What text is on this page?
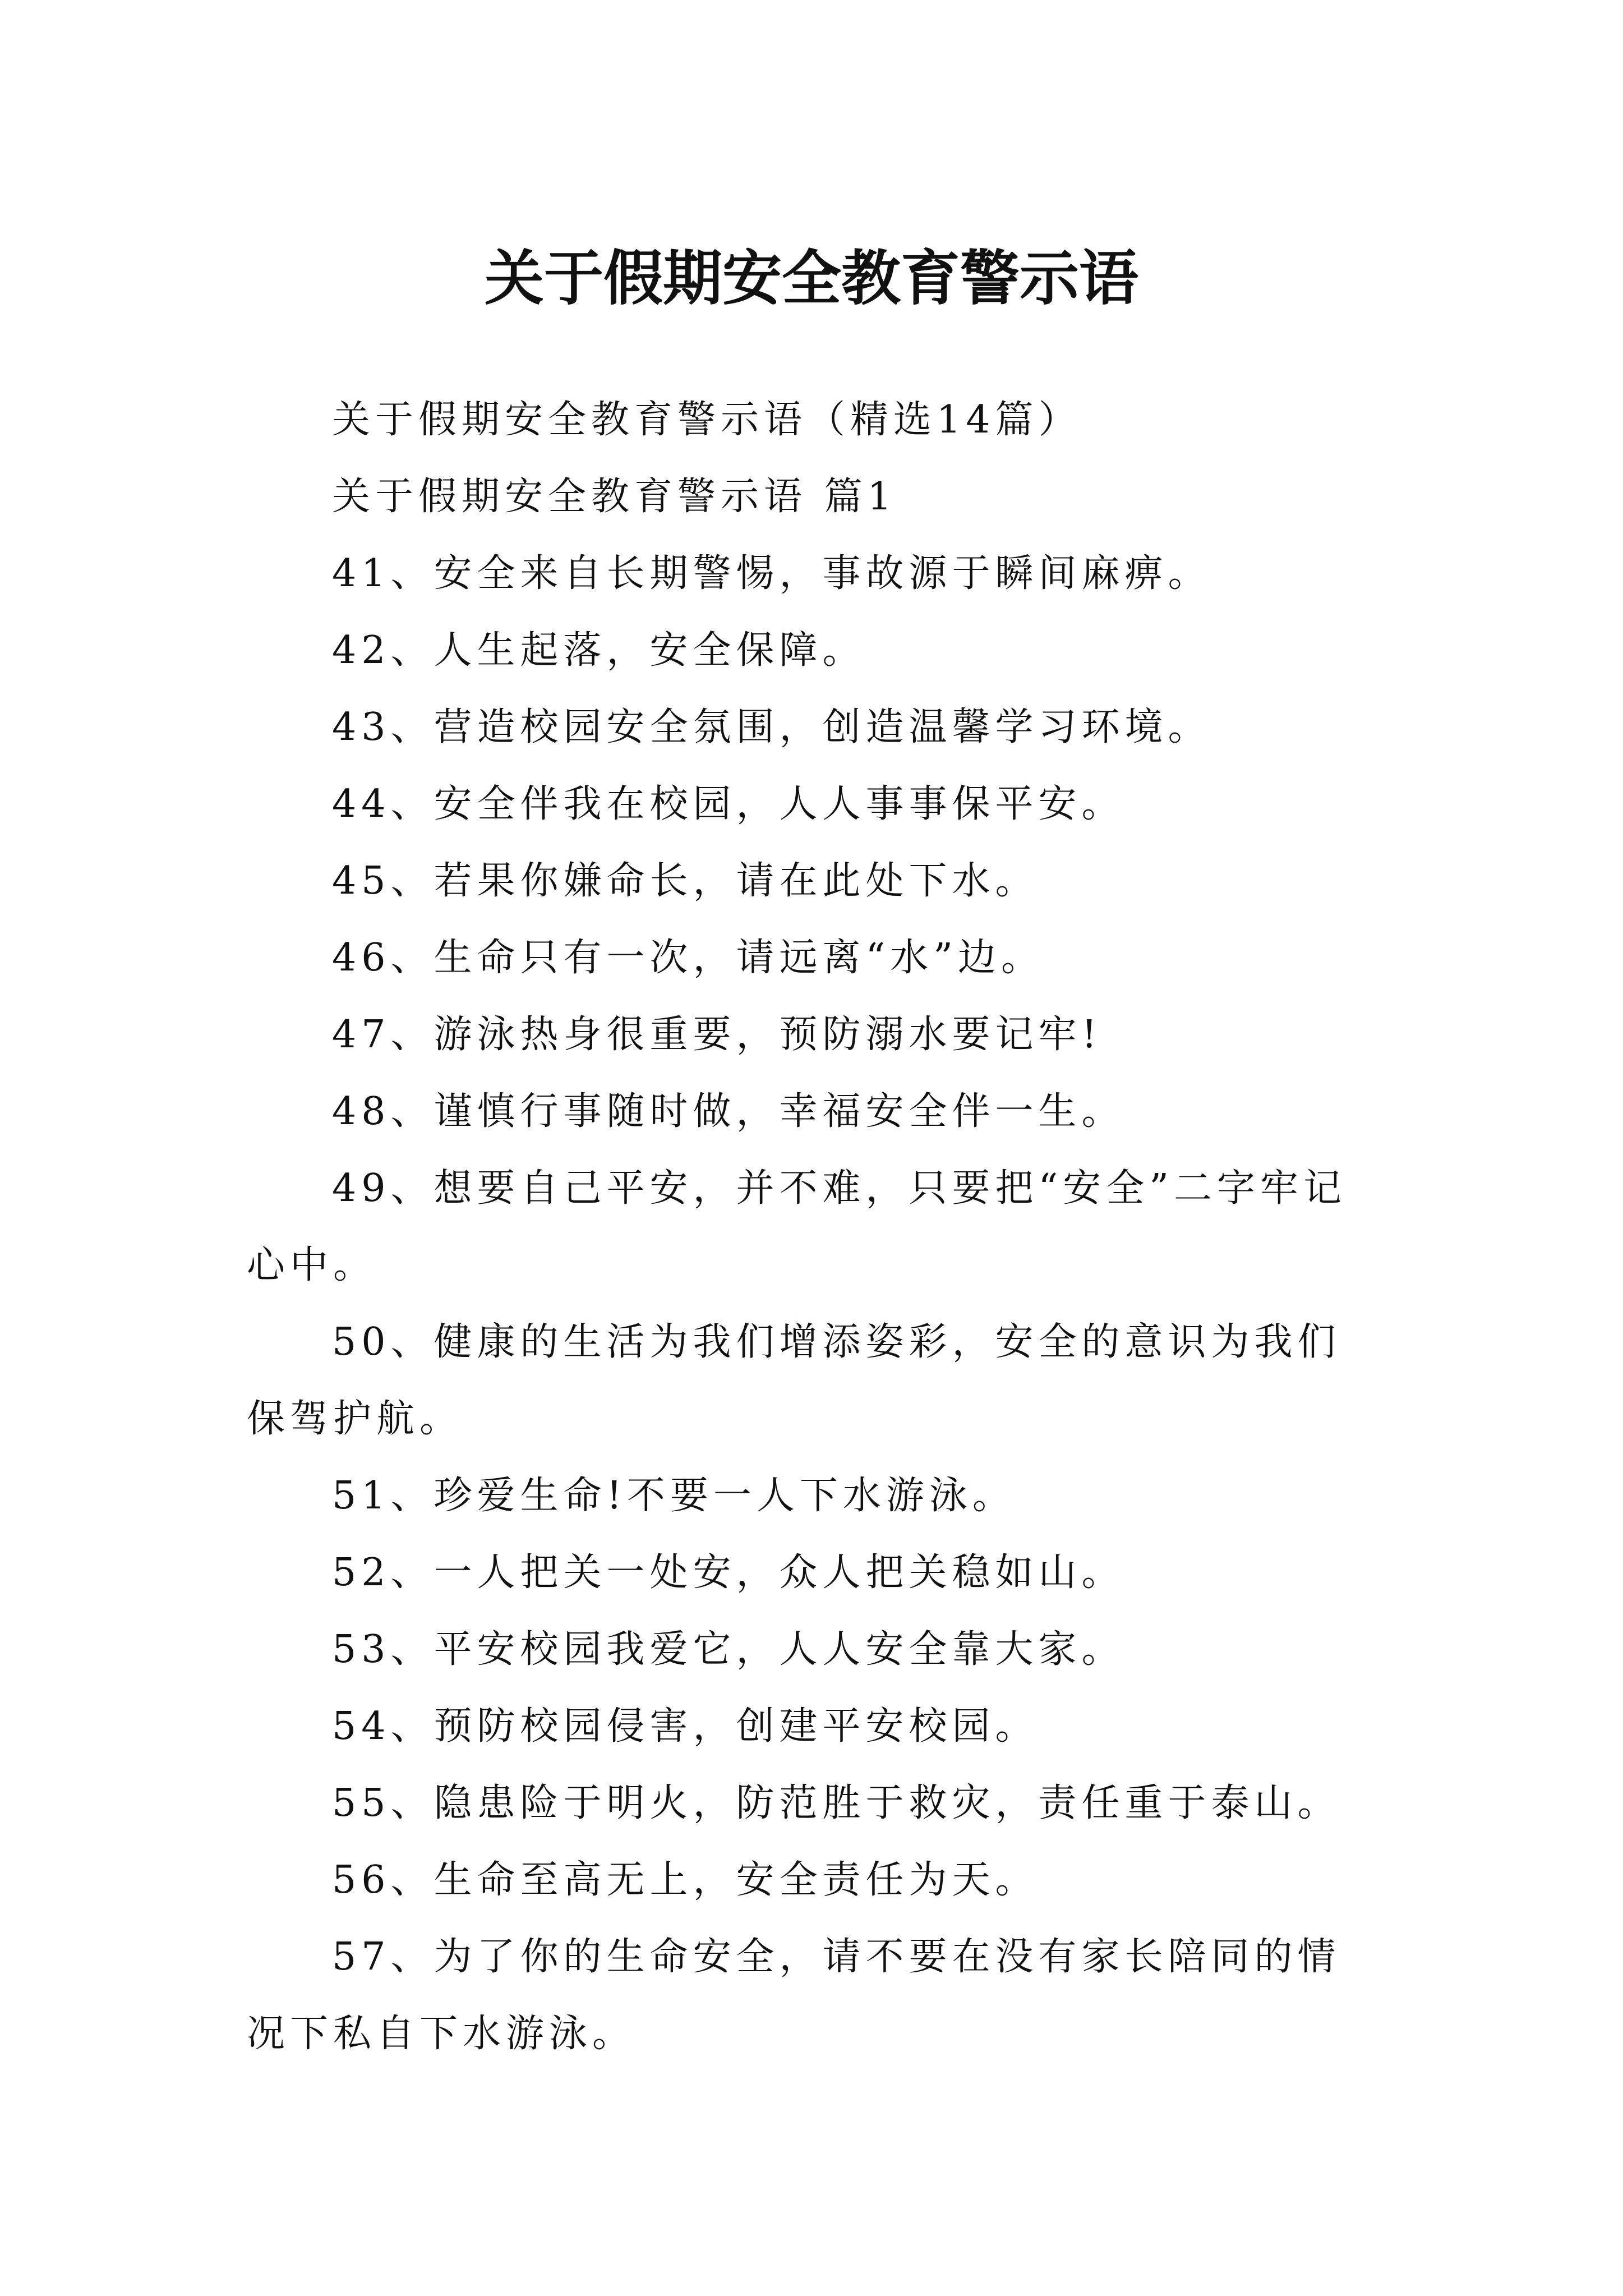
关于假期安全教育警示语

关于假期安全教育警示语（精选14篇）

关于假期安全教育警示语 篇1

41、安全来自长期警惕，事故源于瞬间麻痹。

42、人生起落，安全保障。

43、营造校园安全氛围，创造温馨学习环境。

44、安全伴我在校园，人人事事保平安。

45、若果你嫌命长，请在此处下水。

46、生命只有一次，请远离“水”边。

47、游泳热身很重要，预防溺水要记牢!

48、谨慎行事随时做，幸福安全伴一生。

49、想要自己平安，并不难，只要把“安全”二字牢记心中。

50、健康的生活为我们增添姿彩，安全的意识为我们保驾护航。

51、珍爱生命!不要一人下水游泳。

52、一人把关一处安，众人把关稳如山。

53、平安校园我爱它，人人安全靠大家。

54、预防校园侵害，创建平安校园。

55、隐患险于明火，防范胜于救灾，责任重于泰山。

56、生命至高无上，安全责任为天。

57、为了你的生命安全，请不要在没有家长陪同的情况下私自下水游泳。
